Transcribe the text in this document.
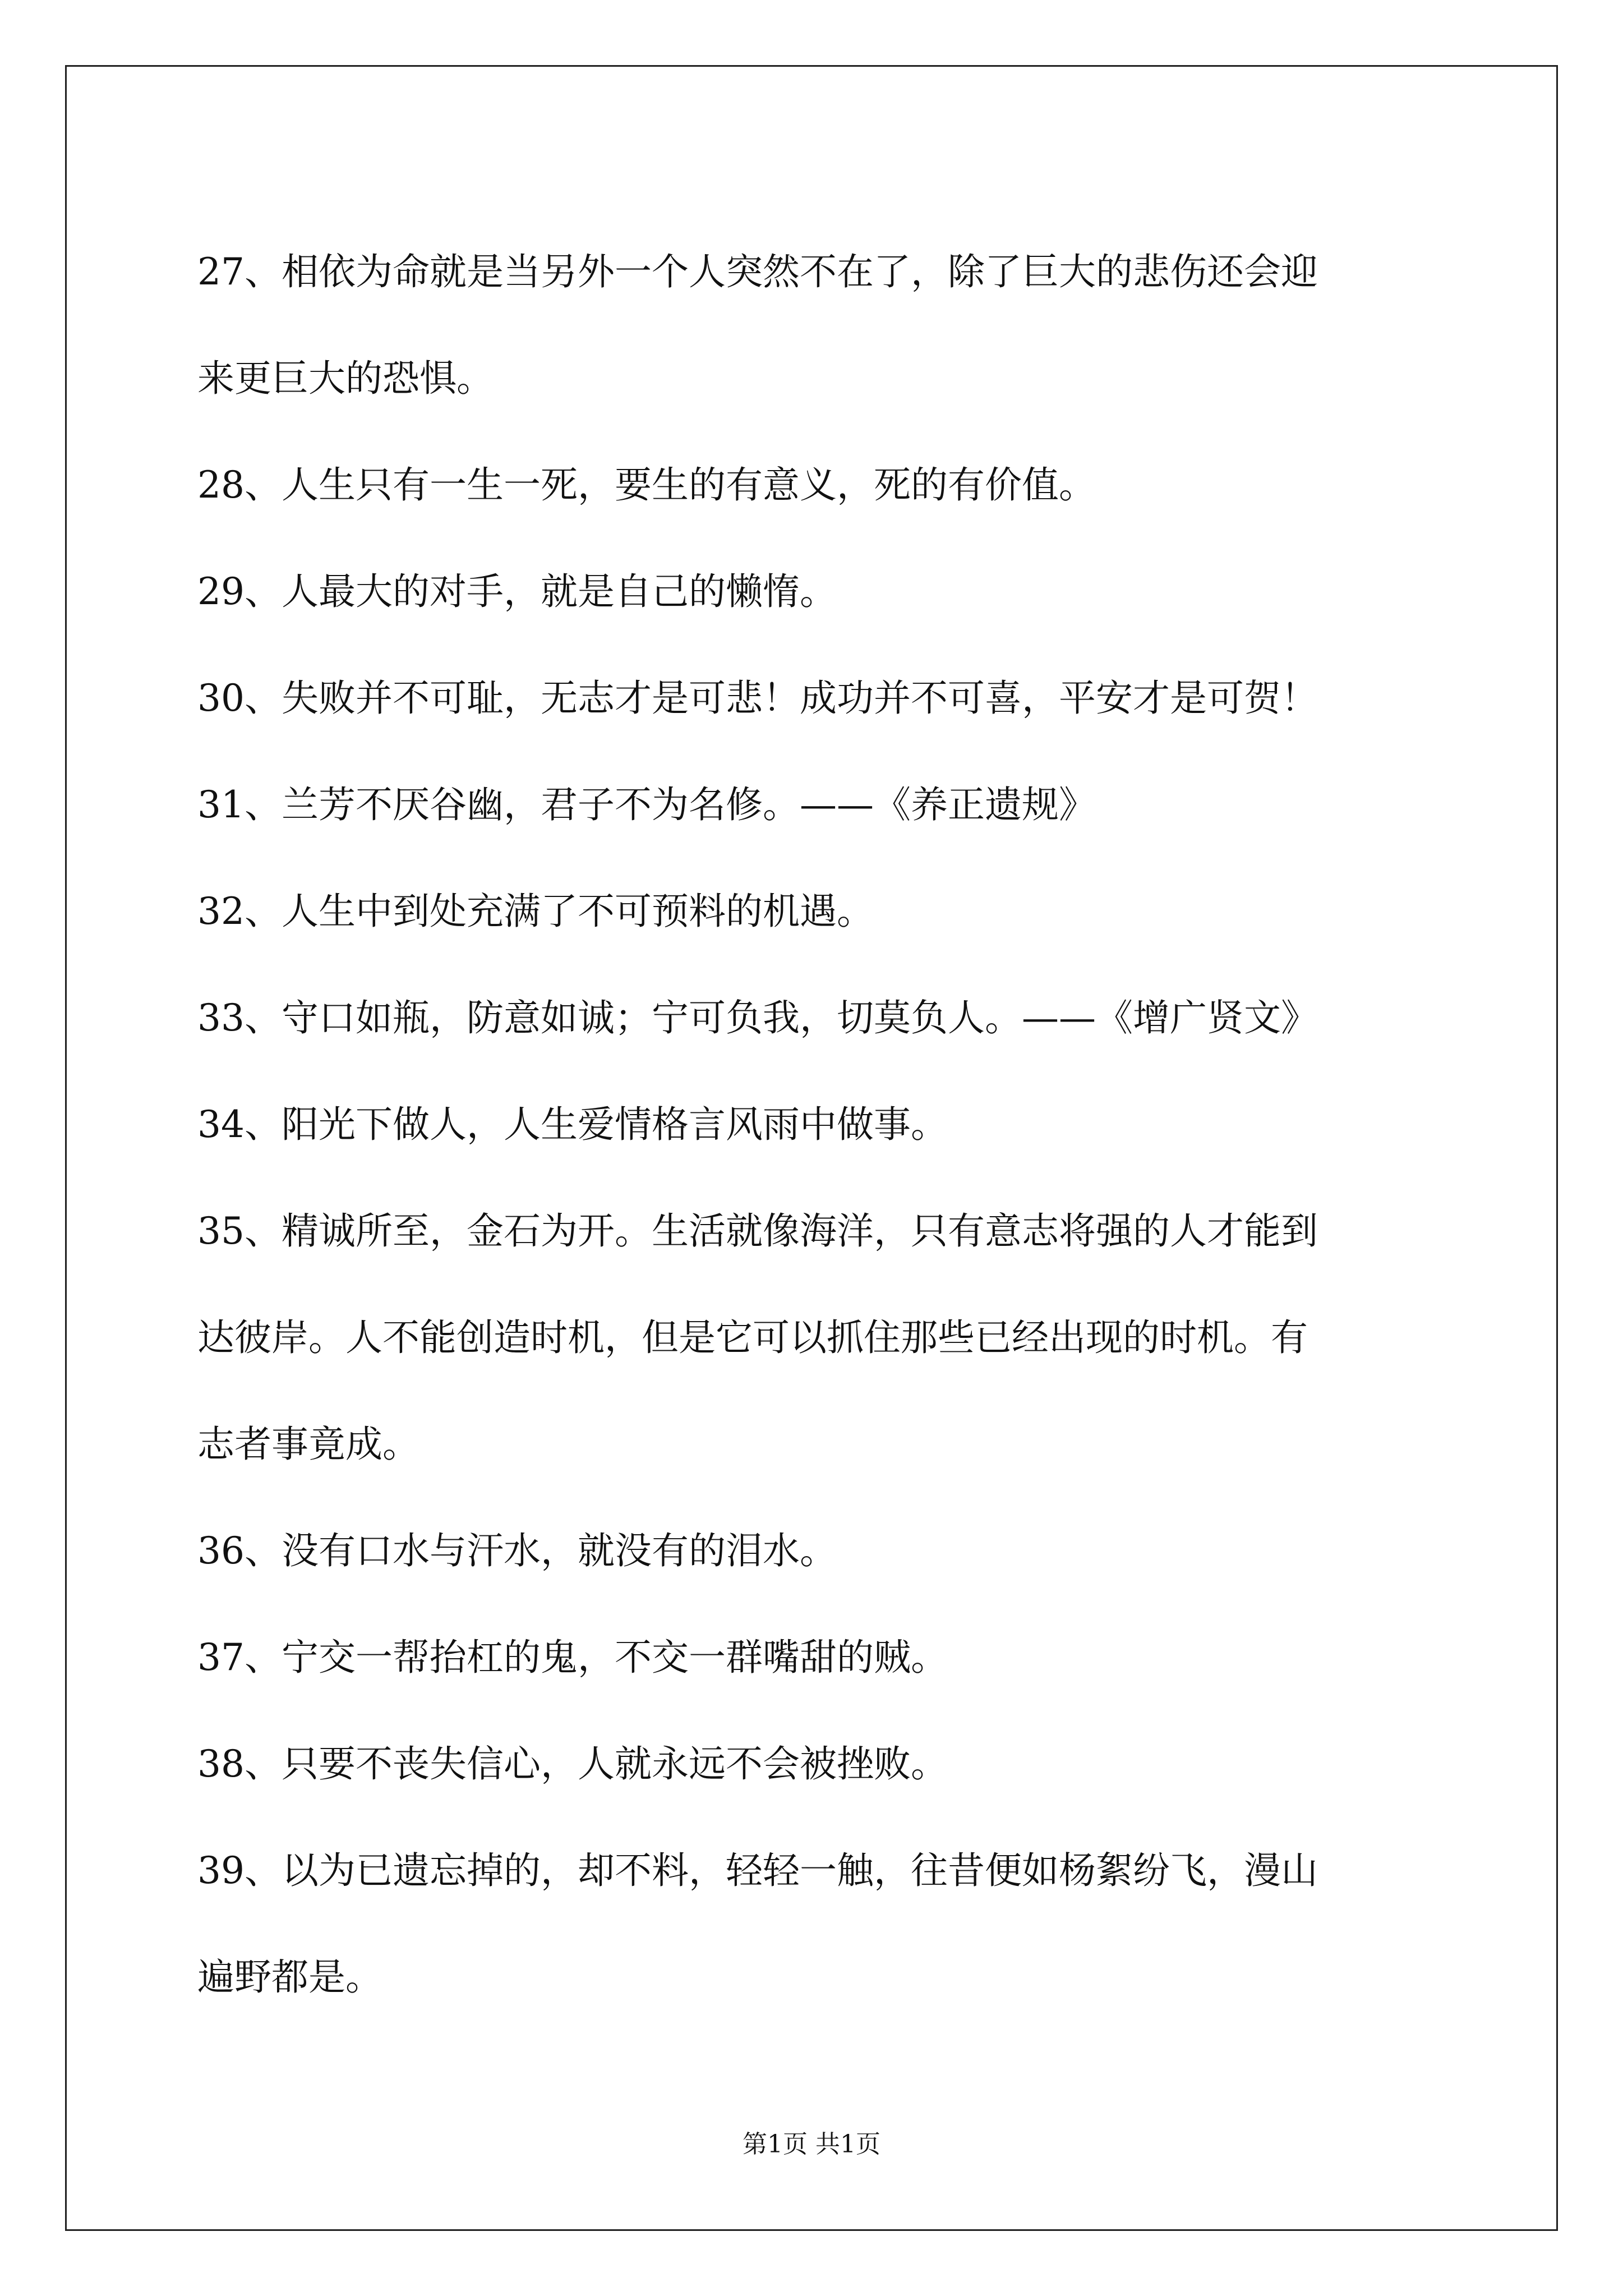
27、相依为命就是当另外一个人突然不在了，除了巨大的悲伤还会迎
来更巨大的恐惧。
28、人生只有一生一死，要生的有意义，死的有价值。
29、人最大的对手，就是自己的懒惰。
30、失败并不可耻，无志才是可悲！成功并不可喜，平安才是可贺！
31、兰芳不厌谷幽，君子不为名修。——《养正遗规》
32、人生中到处充满了不可预料的机遇。
33、守口如瓶，防意如诚；宁可负我，切莫负人。——《增广贤文》
34、阳光下做人，人生爱情格言风雨中做事。
35、精诚所至，金石为开。生活就像海洋，只有意志将强的人才能到
达彼岸。人不能创造时机，但是它可以抓住那些已经出现的时机。有
志者事竟成。
36、没有口水与汗水，就没有的泪水。
37、宁交一帮抬杠的鬼，不交一群嘴甜的贼。
38、只要不丧失信心，人就永远不会被挫败。
39、以为已遗忘掉的，却不料，轻轻一触，往昔便如杨絮纷飞，漫山
遍野都是。
第1页 共1页
